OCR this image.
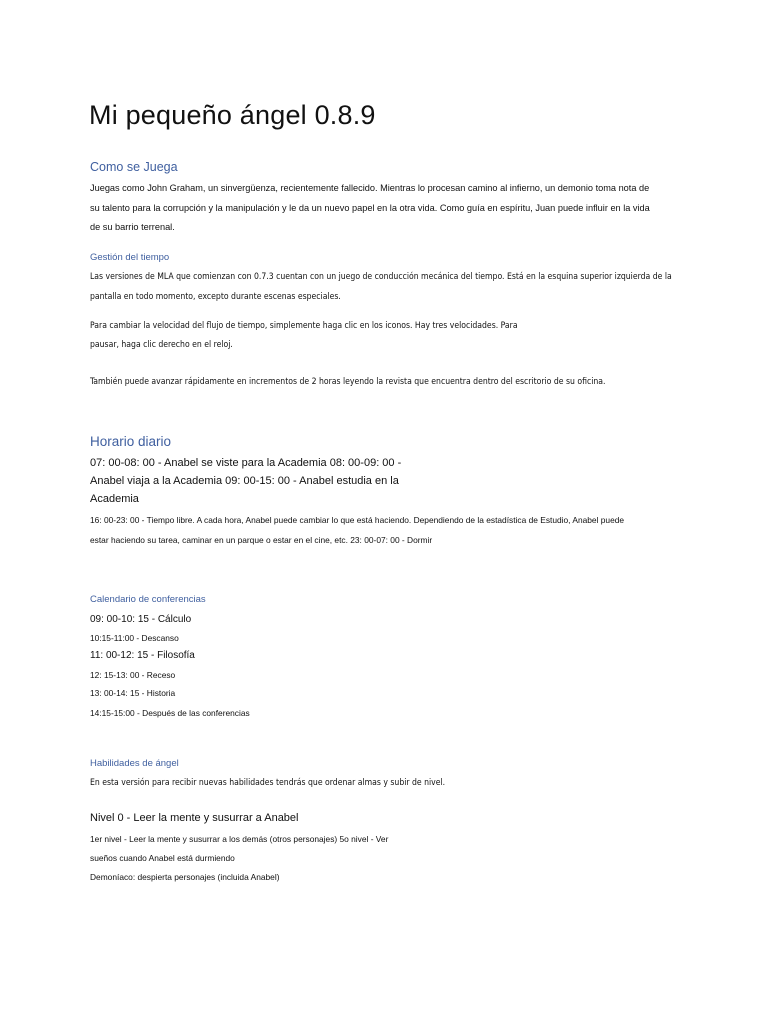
Mi pequeño ángel 0.8.9
Como se Juega
Juegas como John Graham, un sinvergüenza, recientemente fallecido. Mientras lo procesan camino al infierno, un demonio toma nota de
su talento para la corrupción y la manipulación y le da un nuevo papel en la otra vida. Como guía en espíritu, Juan puede influir en la vida
de su barrio terrenal.
Gestión del tiempo
Las versiones de MLA que comienzan con 0.7.3 cuentan con un juego de conducción mecánica del tiempo. Está en la esquina superior izquierda de la
pantalla en todo momento, excepto durante escenas especiales.
Para cambiar la velocidad del flujo de tiempo, simplemente haga clic en los iconos. Hay tres velocidades. Para
pausar, haga clic derecho en el reloj.
También puede avanzar rápidamente en incrementos de 2 horas leyendo la revista que encuentra dentro del escritorio de su oficina.
Horario diario
07: 00-08: 00 - Anabel se viste para la Academia 08: 00-09: 00 -
Anabel viaja a la Academia 09: 00-15: 00 - Anabel estudia en la
Academia
16: 00-23: 00 - Tiempo libre. A cada hora, Anabel puede cambiar lo que está haciendo. Dependiendo de la estadística de Estudio, Anabel puede
estar haciendo su tarea, caminar en un parque o estar en el cine, etc. 23: 00-07: 00 - Dormir
Calendario de conferencias
09: 00-10: 15 - Cálculo
10:15-11:00 - Descanso
11: 00-12: 15 - Filosofía
12: 15-13: 00 - Receso
13: 00-14: 15 - Historia
14:15-15:00 - Después de las conferencias
Habilidades de ángel
En esta versión para recibir nuevas habilidades tendrás que ordenar almas y subir de nivel.
Nivel 0 - Leer la mente y susurrar a Anabel
1er nivel - Leer la mente y susurrar a los demás (otros personajes) 5o nivel - Ver
sueños cuando Anabel está durmiendo
Demoníaco: despierta personajes (incluida Anabel)
